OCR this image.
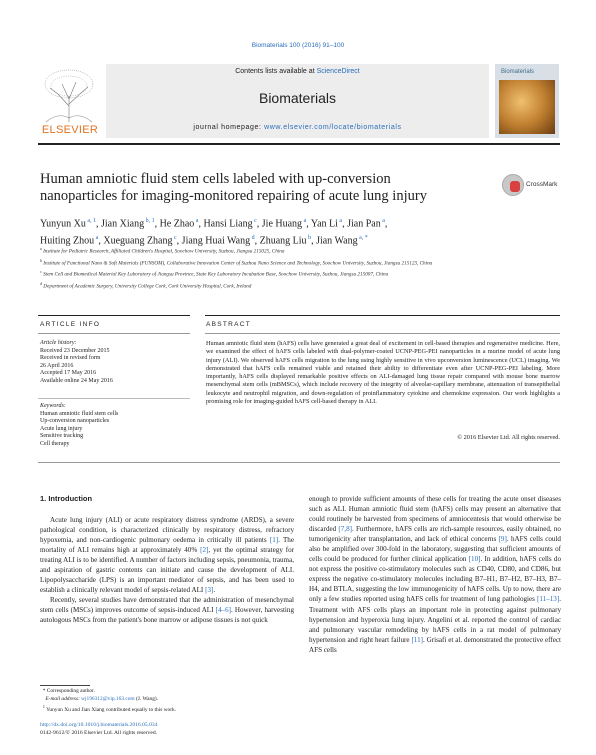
Biomaterials 100 (2016) 91–100
ELSEVIER
Contents lists available at ScienceDirect
Biomaterials
journal homepage: www.elsevier.com/locate/biomaterials
Biomaterials
Human amniotic fluid stem cells labeled with up-conversion
nanoparticles for imaging-monitored repairing of acute lung injury
CrossMark
Yunyun Xu $^{a, 1}$, Jian Xiang $^{b, 1}$, He Zhao $^a$, Hansi Liang $^c$, Jie Huang $^a$, Yan Li $^a$, Jian Pan $^a$,
Huiting Zhou $^a$, Xueguang Zhang $^c$, Jiang Huai Wang $^d$, Zhuang Liu $^b$, Jian Wang $^{a, *}$
$^a$ Institute for Pediatric Research, Affiliated Children's Hospital, Soochow University, Suzhou, Jiangsu 215025, China
$^b$ Institute of Functional Nano & Soft Materials (FUNSOM), Collaborative Innovation Center of Suzhou Nano Science and Technology, Soochow University, Suzhou, Jiangsu 215123, China
$^c$ Stem Cell and Biomedical Material Key Laboratory of Jiangsu Province, State Key Laboratory Incubation Base, Soochow University, Suzhou, Jiangsu 215007, China
$^d$ Department of Academic Surgery, University College Cork, Cork University Hospital, Cork, Ireland
ARTICLE INFO	ABSTRACT
Article history:
Received 23 December 2015
Received in revised form
26 April 2016
Accepted 17 May 2016
Available online 24 May 2016
Keywords:
Human amniotic fluid stem cells
Up-conversion nanoparticles
Acute lung injury
Sensitive tracking
Cell therapy
Human amniotic fluid stem (hAFS) cells have generated a great deal of excitement in cell-based therapies and regenerative medicine. Here, we examined the effect of hAFS cells labeled with dual-polymer-coated UCNP-PEG-PEI nanoparticles in a murine model of acute lung injury (ALI). We observed hAFS cells migration to the lung using highly sensitive in vivo upconversion luminescence (UCL) imaging. We demonstrated that hAFS cells remained viable and retained their ability to differentiate even after UCNP-PEG-PEI labeling. More importantly, hAFS cells displayed remarkable positive effects on ALI-damaged lung tissue repair compared with mouse bone marrow mesenchymal stem cells (mBMSCs), which include recovery of the integrity of alveolar-capillary membrane, attenuation of transepithelial leukocyte and neutrophil migration, and down-regulation of proinflammatory cytokine and chemokine expression. Our work highlights a promising role for imaging-guided hAFS cell-based therapy in ALI.
© 2016 Elsevier Ltd. All rights reserved.
1. Introduction

Acute lung injury (ALI) or acute respiratory distress syndrome (ARDS), a severe pathological condition, is characterized clinically by respiratory distress, refractory hypoxemia, and non-cardiogenic pulmonary oedema in critically ill patients [1]. The mortality of ALI remains high at approximately 40% [2], yet the optimal strategy for treating ALI is to be identified. A number of factors including sepsis, pneumonia, trauma, and aspiration of gastric contents can initiate and cause the development of ALI. Lipopolysaccharide (LPS) is an important mediator of sepsis, and has been used to establish a clinically relevant model of sepsis-related ALI [3].

Recently, several studies have demonstrated that the administration of mesenchymal stem cells (MSCs) improves outcome of sepsis-induced ALI [4–6]. However, harvesting autologous MSCs from the patient's bone marrow or adipose tissues is not quick

enough to provide sufficient amounts of these cells for treating the acute onset diseases such as ALI. Human amniotic fluid stem (hAFS) cells may present an alternative that could routinely be harvested from specimens of amniocentesis that would otherwise be discarded [7,8]. Furthermore, hAFS cells are rich-sample resources, easily obtained, no tumorigenicity after transplantation, and lack of ethical concerns [9]. hAFS cells could also be amplified over 300-fold in the laboratory, suggesting that sufficient amounts of cells could be produced for further clinical application [10]. In addition, hAFS cells do not express the positive co-stimulatory molecules such as CD40, CD80, and CD86, but express the negative co-stimulatory molecules including B7–H1, B7–H2, B7–H3, B7–H4, and BTLA, suggesting the low immunogenicity of hAFS cells. Up to now, there are only a few studies reported using hAFS cells for treatment of lung pathologies [11–13]. Treatment with AFS cells plays an important role in protecting against pulmonary hypertension and hyperoxia lung injury. Angelini et al. reported the control of cardiac and pulmonary vascular remodeling by hAFS cells in a rat model of pulmonary hypertension and right heart failure [11]. Grisafi et al. demonstrated the protective effect AFS cells

* Corresponding author.
E-mail address: wj196312@vip.163.com (J. Wang).
$^1$ Yunyun Xu and Jian Xiang contributed equally to this work.
http://dx.doi.org/10.1016/j.biomaterials.2016.05.034
0142-9612/© 2016 Elsevier Ltd. All rights reserved.
